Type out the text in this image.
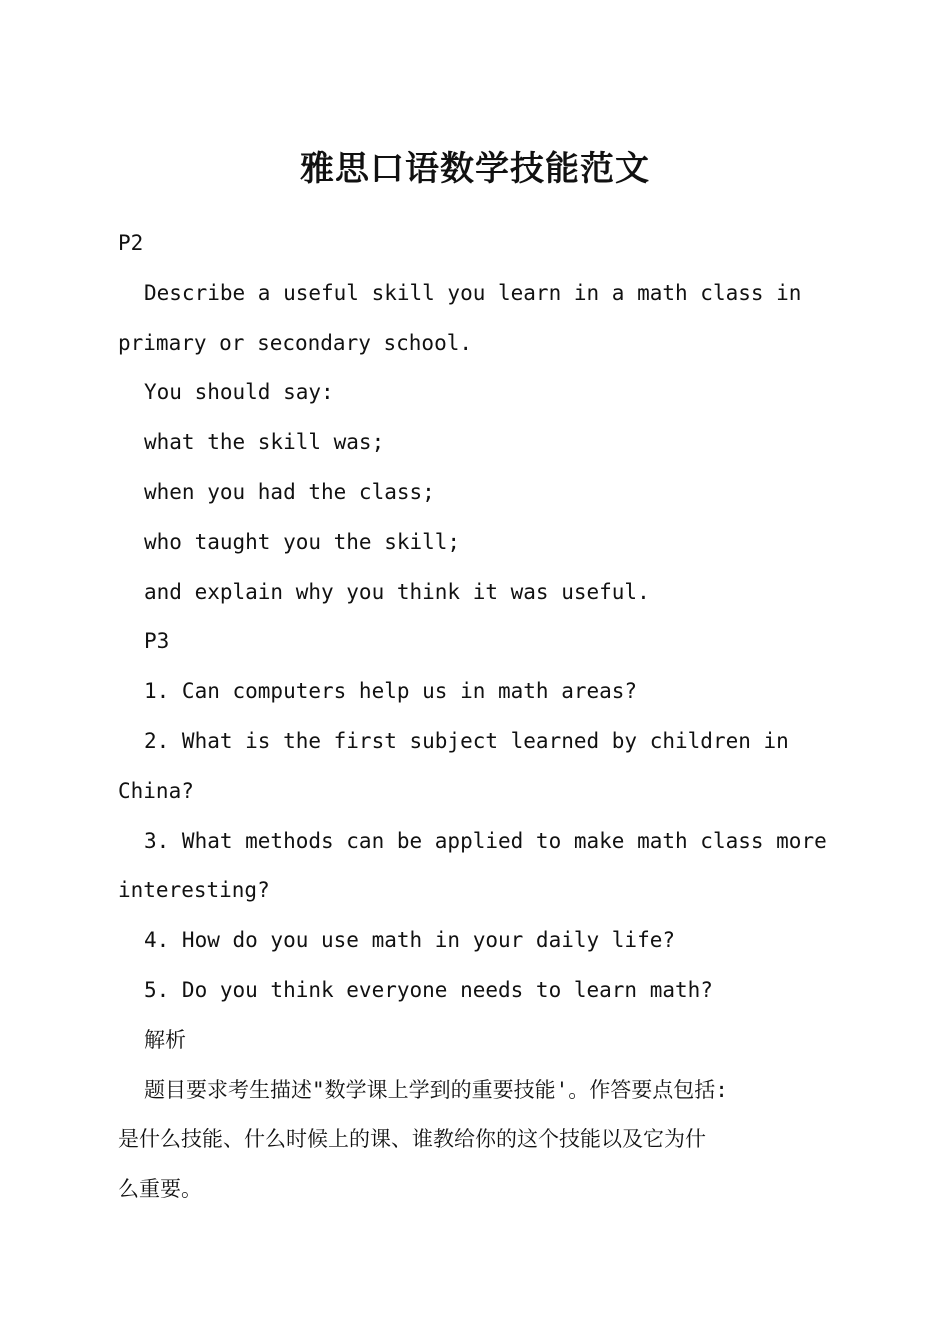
雅思口语数学技能范文
P2
Describe a useful skill you learn in a math class in
primary or secondary school.
You should say:
what the skill was;
when you had the class;
who taught you the skill;
and explain why you think it was useful.
P3
1. Can computers help us in math areas?
2. What is the first subject learned by children in
China?
3. What methods can be applied to make math class more
interesting?
4. How do you use math in your daily life?
5. Do you think everyone needs to learn math?
解析
题目要求考生描述"数学课上学到的重要技能'。作答要点包括:
是什么技能、什么时候上的课、谁教给你的这个技能以及它为什
么重要。
